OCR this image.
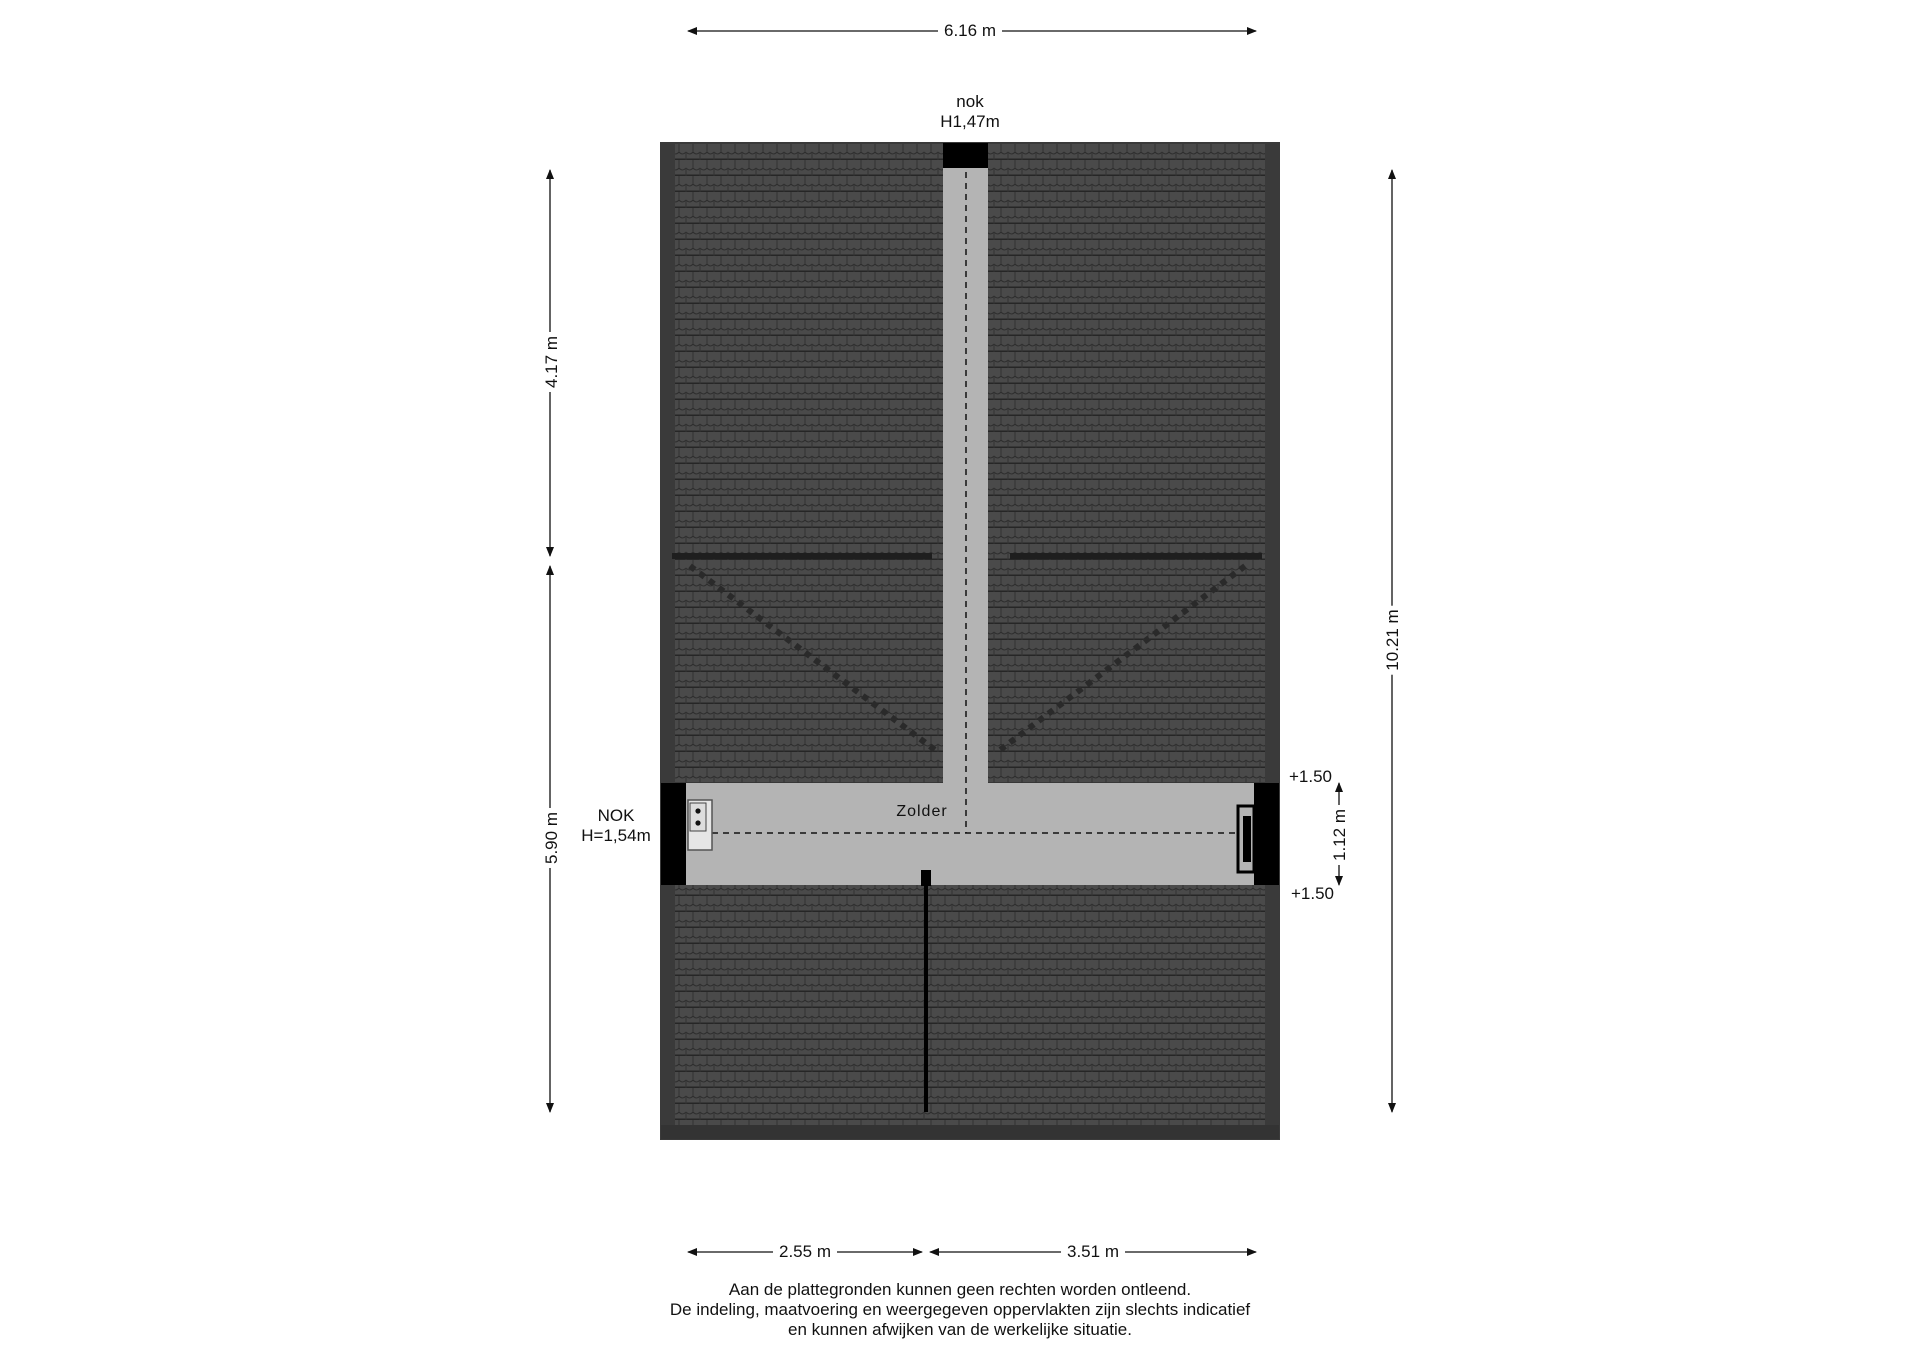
6.16 m
4.17 m
5.90 m
10.21 m
1.12 m
2.55 m	3.51 m
nok
H1,47m
NOK
H=1,54m
+1.50
+1.50
Zolder
Aan de plattegronden kunnen geen rechten worden ontleend.
De indeling, maatvoering en weergegeven oppervlakten zijn slechts indicatief
en kunnen afwijken van de werkelijke situatie.
